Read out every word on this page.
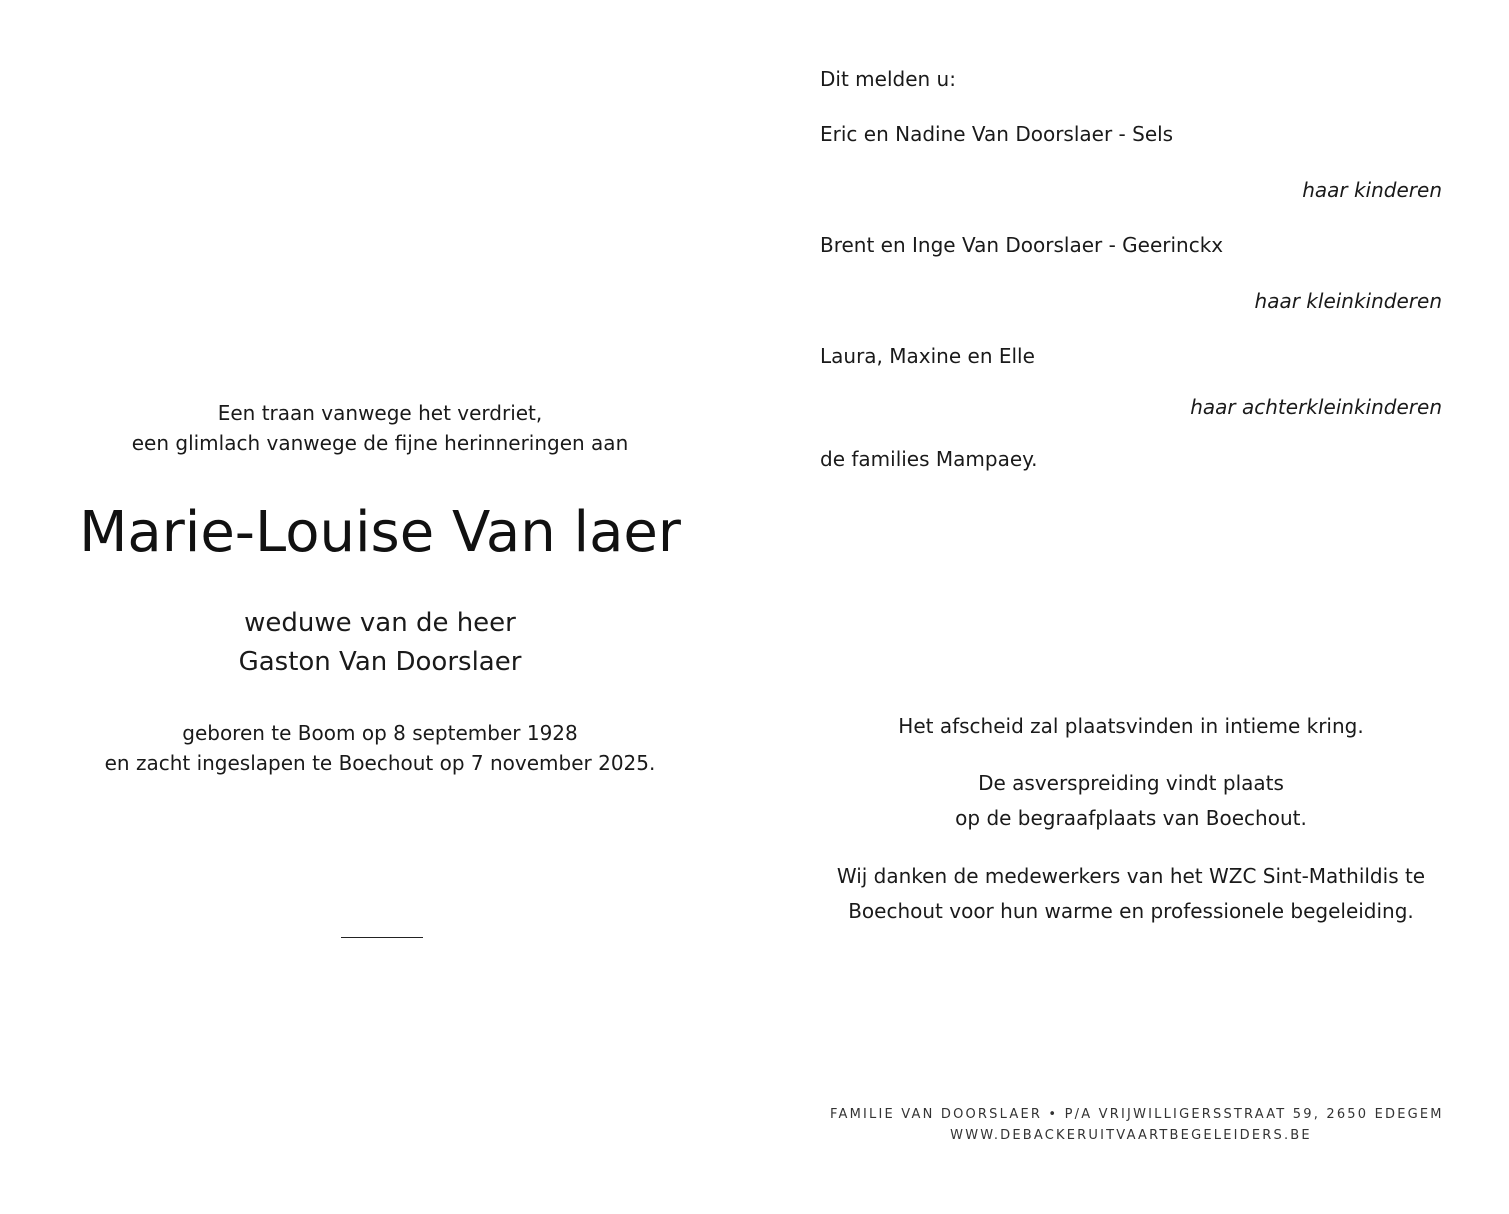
Een traan vanwege het verdriet,
een glimlach vanwege de fijne herinneringen aan
Marie-Louise Van laer
weduwe van de heer
Gaston Van Doorslaer
geboren te Boom op 8 september 1928
en zacht ingeslapen te Boechout op 7 november 2025.
Dit melden u:
Eric en Nadine Van Doorslaer - Sels
haar kinderen
Brent en Inge Van Doorslaer - Geerinckx
haar kleinkinderen
Laura, Maxine en Elle
haar achterkleinkinderen
de families Mampaey.
Het afscheid zal plaatsvinden in intieme kring.
De asverspreiding vindt plaats
op de begraafplaats van Boechout.
Wij danken de medewerkers van het WZC Sint-Mathildis te
Boechout voor hun warme en professionele begeleiding.
FAMILIE VAN DOORSLAER • P/A VRIJWILLIGERSSTRAAT 59, 2650 EDEGEM
WWW.DEBACKERUITVAARTBEGELEIDERS.BE
